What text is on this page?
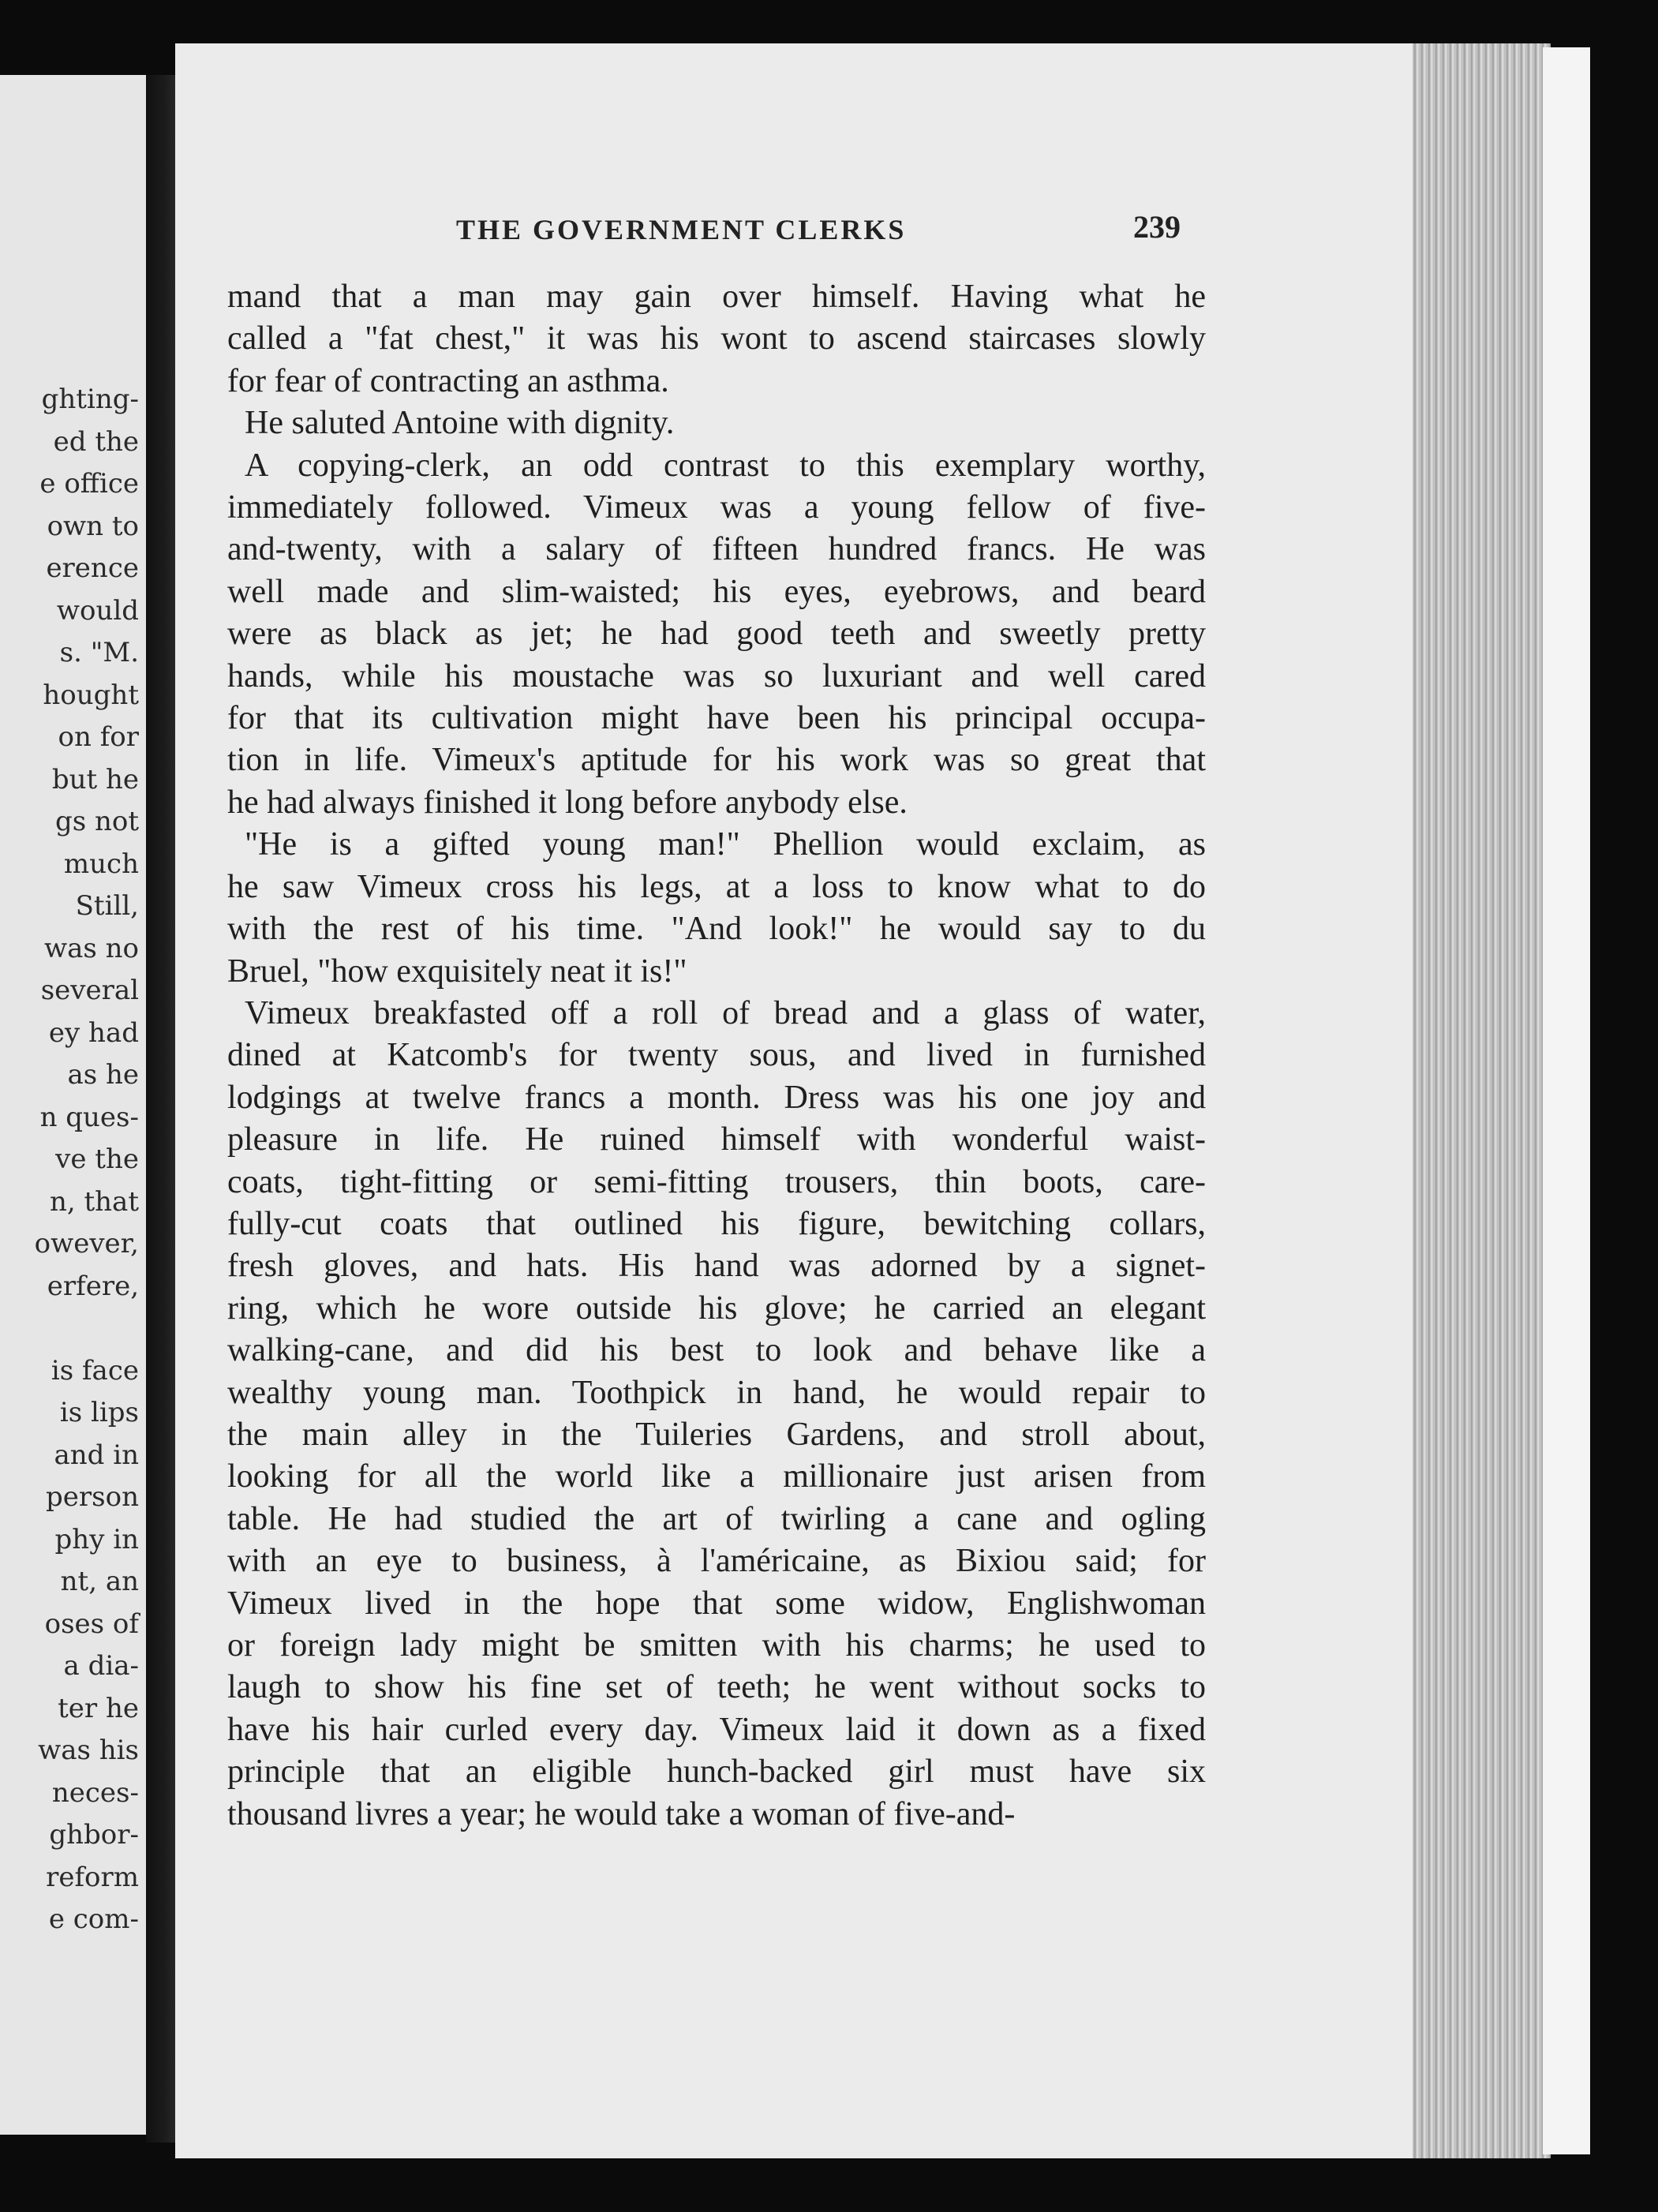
ghting-
ed the
e office
own to
erence
would
s. "M.
hought
on for
but he
gs not
much
Still,
was no
several
ey had
as he
n ques-
ve the
n, that
owever,
erfere,
is face
is lips
and in
person
phy in
nt, an
oses of
a dia-
ter he
was his
neces-
ghbor-
reform
e com-
THE GOVERNMENT CLERKS	239
mand that a man may gain over himself. Having what he
called a "fat chest," it was his wont to ascend staircases slowly
for fear of contracting an asthma.
He saluted Antoine with dignity.
A copying-clerk, an odd contrast to this exemplary worthy,
immediately followed. Vimeux was a young fellow of five-
and-twenty, with a salary of fifteen hundred francs. He was
well made and slim-waisted; his eyes, eyebrows, and beard
were as black as jet; he had good teeth and sweetly pretty
hands, while his moustache was so luxuriant and well cared
for that its cultivation might have been his principal occupa-
tion in life. Vimeux's aptitude for his work was so great that
he had always finished it long before anybody else.
"He is a gifted young man!" Phellion would exclaim, as
he saw Vimeux cross his legs, at a loss to know what to do
with the rest of his time. "And look!" he would say to du
Bruel, "how exquisitely neat it is!"
Vimeux breakfasted off a roll of bread and a glass of water,
dined at Katcomb's for twenty sous, and lived in furnished
lodgings at twelve francs a month. Dress was his one joy and
pleasure in life. He ruined himself with wonderful waist-
coats, tight-fitting or semi-fitting trousers, thin boots, care-
fully-cut coats that outlined his figure, bewitching collars,
fresh gloves, and hats. His hand was adorned by a signet-
ring, which he wore outside his glove; he carried an elegant
walking-cane, and did his best to look and behave like a
wealthy young man. Toothpick in hand, he would repair to
the main alley in the Tuileries Gardens, and stroll about,
looking for all the world like a millionaire just arisen from
table. He had studied the art of twirling a cane and ogling
with an eye to business, à l'américaine, as Bixiou said; for
Vimeux lived in the hope that some widow, Englishwoman
or foreign lady might be smitten with his charms; he used to
laugh to show his fine set of teeth; he went without socks to
have his hair curled every day. Vimeux laid it down as a fixed
principle that an eligible hunch-backed girl must have six
thousand livres a year; he would take a woman of five-and-
